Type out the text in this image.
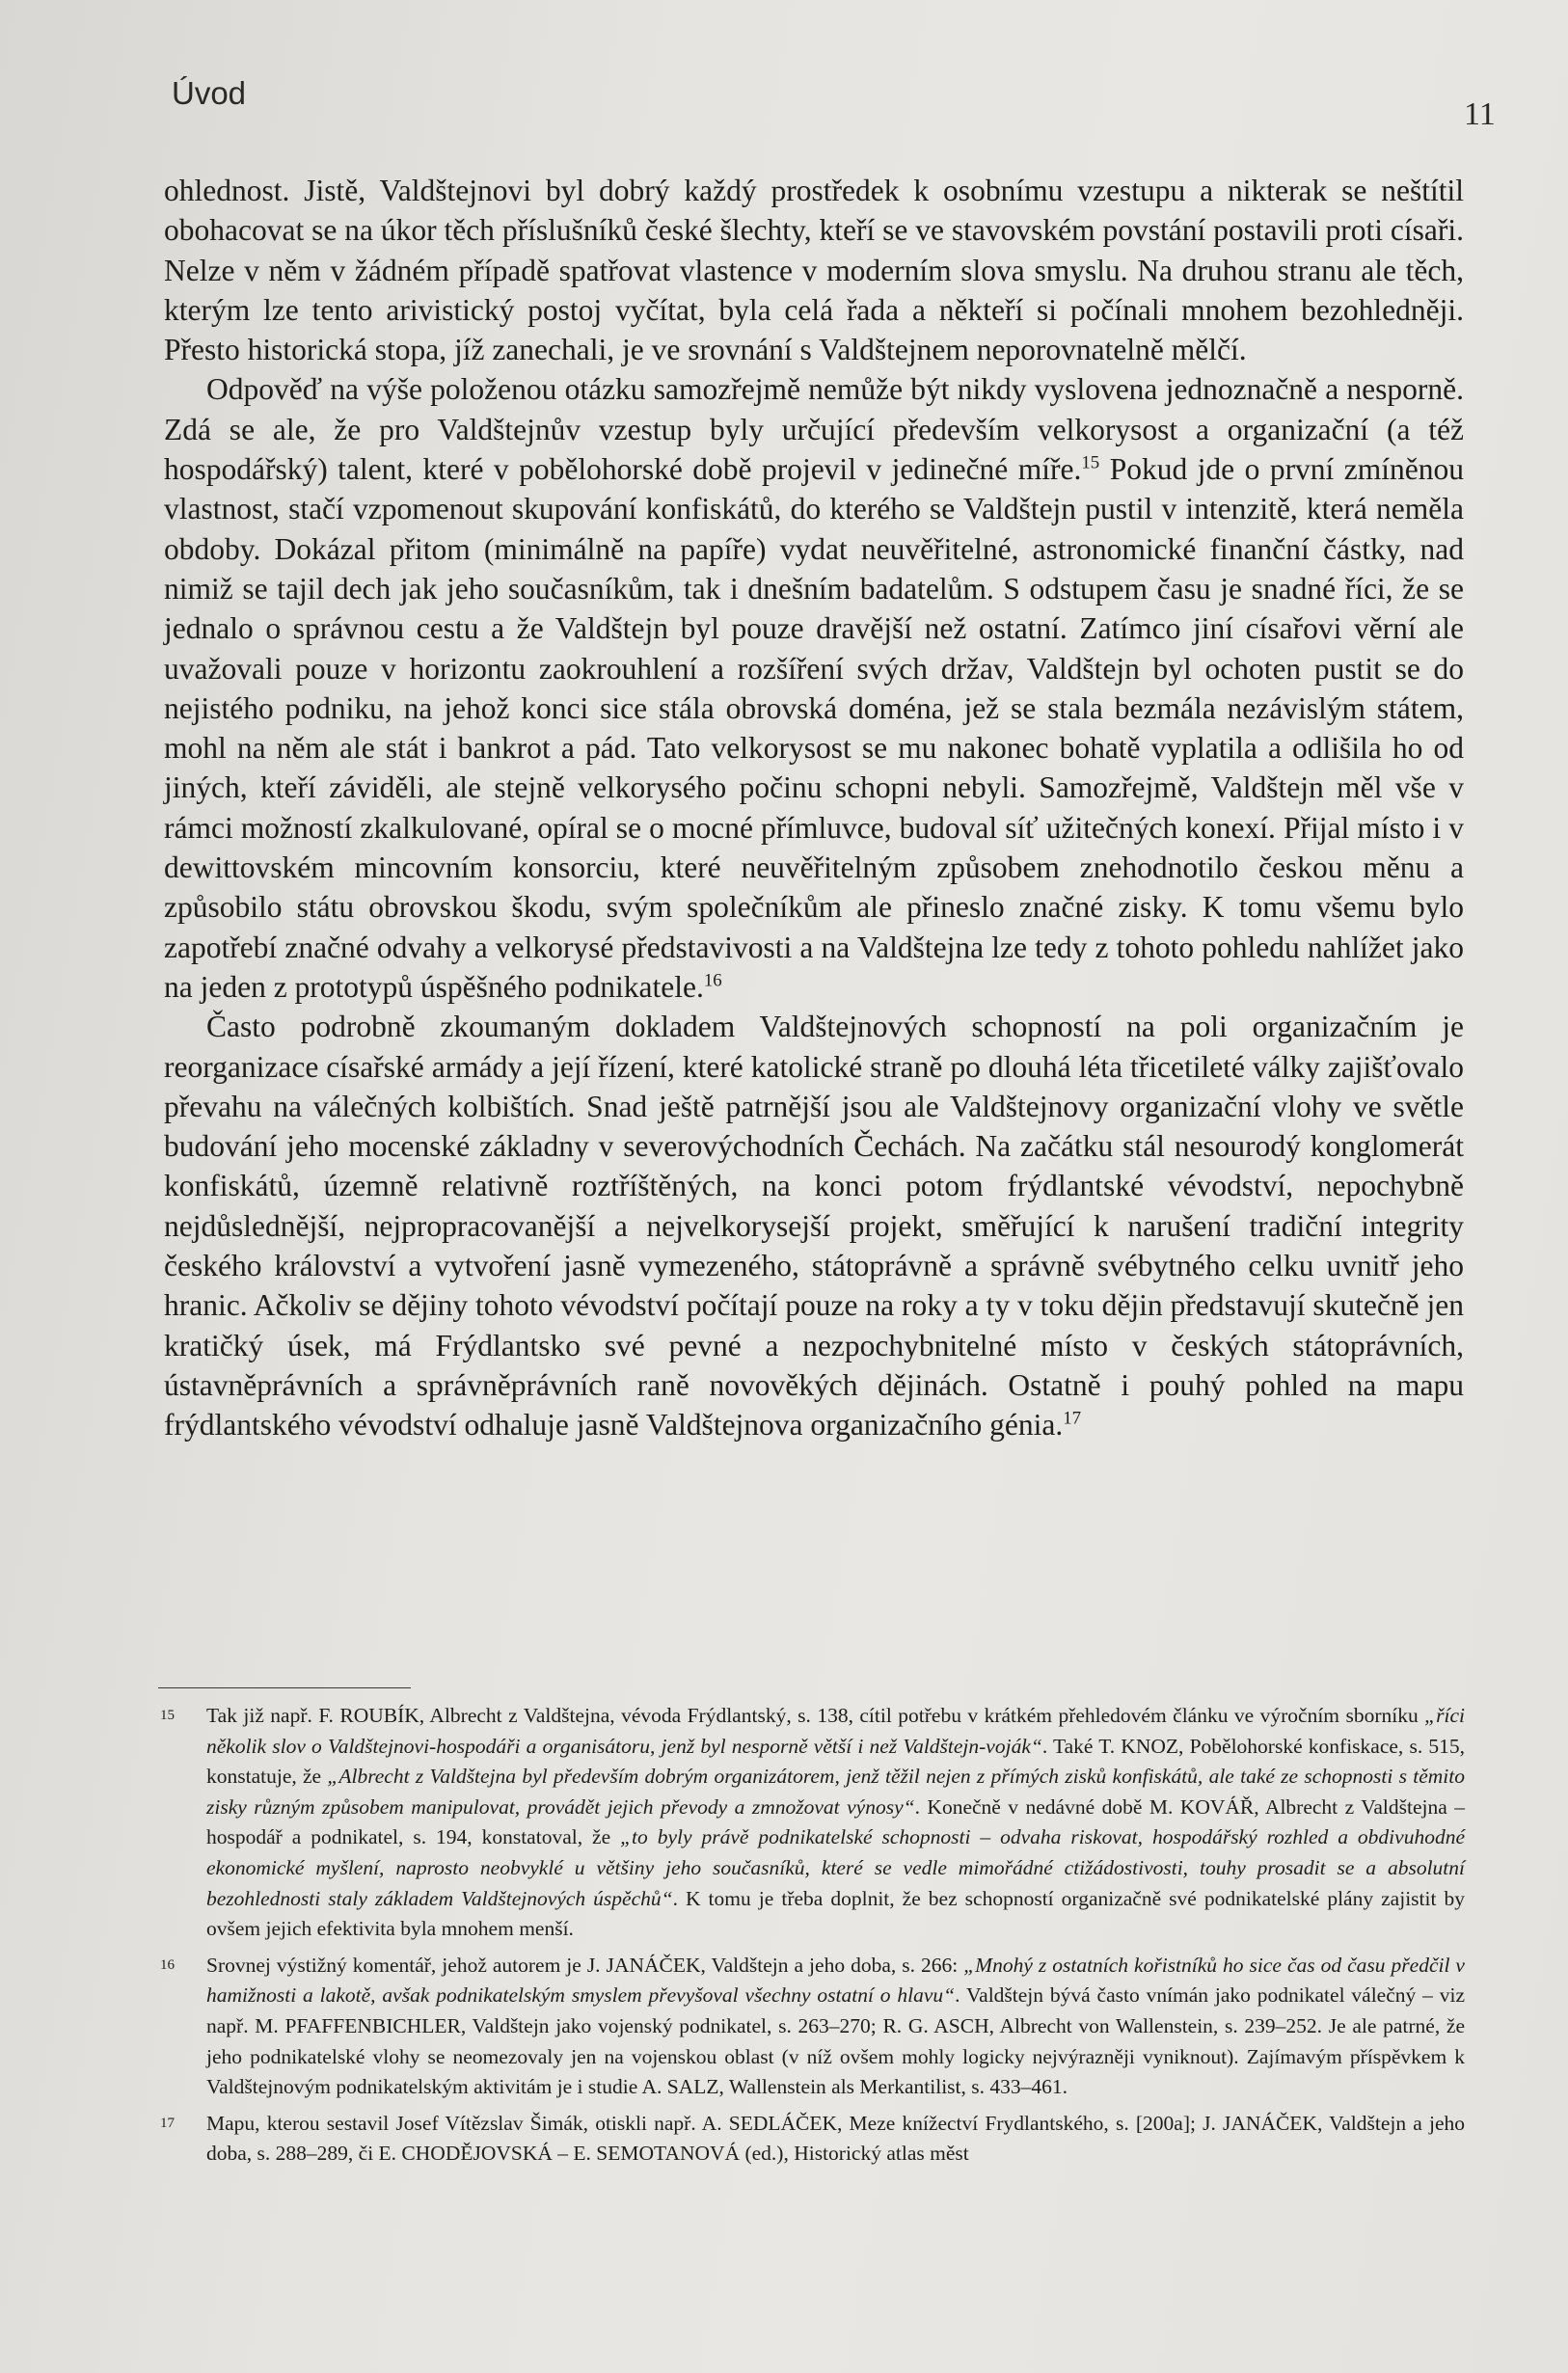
Úvod
11

ohlednost. Jistě, Valdštejnovi byl dobrý každý prostředek k osobnímu vzestupu a nikterak se neštítil obohacovat se na úkor těch příslušníků české šlechty, kteří se ve stavovském povstání postavili proti císaři. Nelze v něm v žádném případě spatřovat vlastence v moderním slova smyslu. Na druhou stranu ale těch, kterým lze tento arivistický postoj vyčítat, byla celá řada a někteří si počínali mnohem bezohledněji. Přesto historická stopa, jíž zanechali, je ve srovnání s Valdštejnem neporovnatelně mělčí.

Odpověď na výše položenou otázku samozřejmě nemůže být nikdy vyslovena jednoznačně a nesporně. Zdá se ale, že pro Valdštejnův vzestup byly určující především velkorysost a organizační (a též hospodářský) talent, které v pobělohorské době projevil v jedinečné míře.$^{15}$ Pokud jde o první zmíněnou vlastnost, stačí vzpomenout skupování konfiskátů, do kterého se Valdštejn pustil v intenzitě, která neměla obdoby. Dokázal přitom (minimálně na papíře) vydat neuvěřitelné, astronomické finanční částky, nad nimiž se tajil dech jak jeho současníkům, tak i dnešním badatelům. S odstupem času je snadné říci, že se jednalo o správnou cestu a že Valdštejn byl pouze dravější než ostatní. Zatímco jiní císařovi věrní ale uvažovali pouze v horizontu zaokrouhlení a rozšíření svých držav, Valdštejn byl ochoten pustit se do nejistého podniku, na jehož konci sice stála obrovská doména, jež se stala bezmála nezávislým státem, mohl na něm ale stát i bankrot a pád. Tato velkorysost se mu nakonec bohatě vyplatila a odlišila ho od jiných, kteří záviděli, ale stejně velkorysého počinu schopni nebyli. Samozřejmě, Valdštejn měl vše v rámci možností zkalkulované, opíral se o mocné přímluvce, budoval síť užitečných konexí. Přijal místo i v dewittovském mincovním konsorciu, které neuvěřitelným způsobem znehodnotilo českou měnu a způsobilo státu obrovskou škodu, svým společníkům ale přineslo značné zisky. K tomu všemu bylo zapotřebí značné odvahy a velkorysé představivosti a na Valdštejna lze tedy z tohoto pohledu nahlížet jako na jeden z prototypů úspěšného podnikatele.$^{16}$

Často podrobně zkoumaným dokladem Valdštejnových schopností na poli organizačním je reorganizace císařské armády a její řízení, které katolické straně po dlouhá léta třicetileté války zajišťovalo převahu na válečných kolbištích. Snad ještě patrnější jsou ale Valdštejnovy organizační vlohy ve světle budování jeho mocenské základny v severovýchodních Čechách. Na začátku stál nesourodý konglomerát konfiskátů, územně relativně roztříštěných, na konci potom frýdlantské vévodství, nepochybně nejdůslednější, nejpropracovanější a nejvelkorysejší projekt, směřující k narušení tradiční integrity českého království a vytvoření jasně vymezeného, státoprávně a správně svébytného celku uvnitř jeho hranic. Ačkoliv se dějiny tohoto vévodství počítají pouze na roky a ty v toku dějin představují skutečně jen kratičký úsek, má Frýdlantsko své pevné a nezpochybnitelné místo v českých státoprávních, ústavněprávních a správněprávních raně novověkých dějinách. Ostatně i pouhý pohled na mapu frýdlantského vévodství odhaluje jasně Valdštejnova organizačního génia.$^{17}$

15	Tak již např. F. ROUBÍK, Albrecht z Valdštejna, vévoda Frýdlantský, s. 138, cítil potřebu v krátkém přehledovém článku ve výročním sborníku „říci několik slov o Valdštejnovi-hospodáři a organisátoru, jenž byl nesporně větší i než Valdštejn-voják“. Také T. KNOZ, Pobělohorské konfiskace, s. 515, konstatuje, že „Albrecht z Valdštejna byl především dobrým organizátorem, jenž těžil nejen z přímých zisků konfiskátů, ale také ze schopnosti s těmito zisky různým způsobem manipulovat, provádět jejich převody a zmnožovat výnosy“. Konečně v nedávné době M. KOVÁŘ, Albrecht z Valdštejna – hospodář a podnikatel, s. 194, konstatoval, že „to byly právě podnikatelské schopnosti – odvaha riskovat, hospodářský rozhled a obdivuhodné ekonomické myšlení, naprosto neobvyklé u většiny jeho současníků, které se vedle mimořádné ctižádostivosti, touhy prosadit se a absolutní bezohlednosti staly základem Valdštejnových úspěchů“. K tomu je třeba doplnit, že bez schopností organizačně své podnikatelské plány zajistit by ovšem jejich efektivita byla mnohem menší.

16	Srovnej výstižný komentář, jehož autorem je J. JANÁČEK, Valdštejn a jeho doba, s. 266: „Mnohý z ostatních kořistníků ho sice čas od času předčil v hamižnosti a lakotě, avšak podnikatelským smyslem převyšoval všechny ostatní o hlavu“. Valdštejn bývá často vnímán jako podnikatel válečný – viz např. M. PFAFFENBICHLER, Valdštejn jako vojenský podnikatel, s. 263–270; R. G. ASCH, Albrecht von Wallenstein, s. 239–252. Je ale patrné, že jeho podnikatelské vlohy se neomezovaly jen na vojenskou oblast (v níž ovšem mohly logicky nejvýrazněji vyniknout). Zajímavým příspěvkem k Valdštejnovým podnikatelským aktivitám je i studie A. SALZ, Wallenstein als Merkantilist, s. 433–461.

17	Mapu, kterou sestavil Josef Vítězslav Šimák, otiskli např. A. SEDLÁČEK, Meze knížectví Frydlantského, s. [200a]; J. JANÁČEK, Valdštejn a jeho doba, s. 288–289, či E. CHODĚJOVSKÁ – E. SEMOTANOVÁ (ed.), Historický atlas měst
